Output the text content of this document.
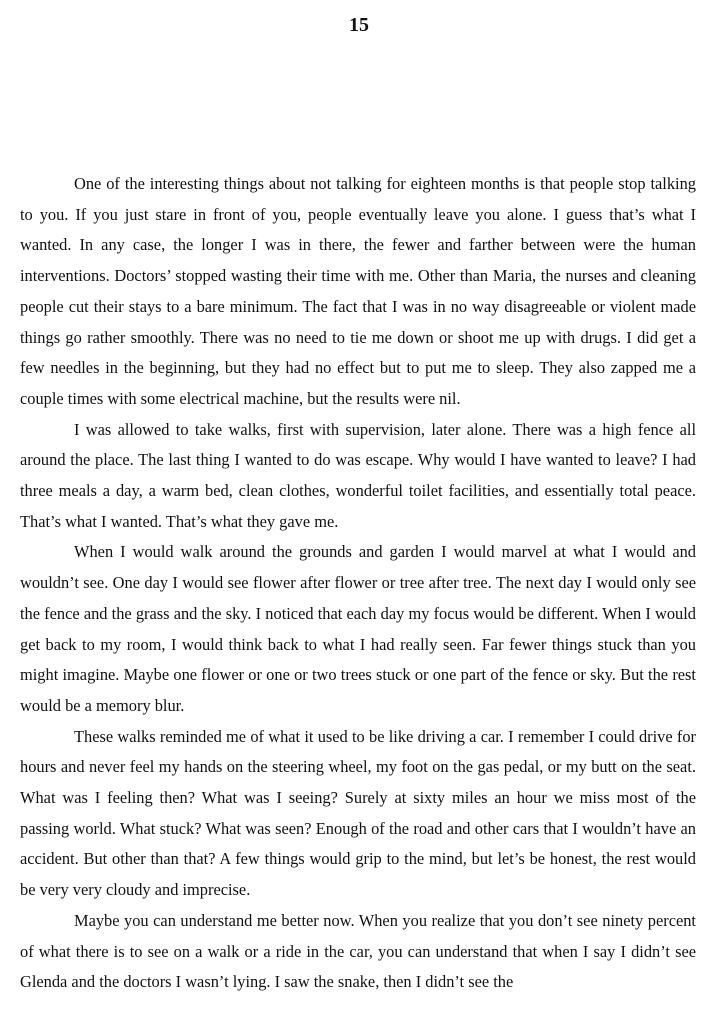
15

One of the interesting things about not talking for eighteen months is that people stop talking to you. If you just stare in front of you, people eventually leave you alone. I guess that’s what I wanted. In any case, the longer I was in there, the fewer and farther between were the human interventions. Doctors’ stopped wasting their time with me. Other than Maria, the nurses and cleaning people cut their stays to a bare minimum. The fact that I was in no way disagreeable or violent made things go rather smoothly. There was no need to tie me down or shoot me up with drugs. I did get a few needles in the beginning, but they had no effect but to put me to sleep. They also zapped me a couple times with some electrical machine, but the results were nil.

I was allowed to take walks, first with supervision, later alone. There was a high fence all around the place. The last thing I wanted to do was escape. Why would I have wanted to leave? I had three meals a day, a warm bed, clean clothes, wonderful toilet facilities, and essentially total peace. That’s what I wanted. That’s what they gave me.

When I would walk around the grounds and garden I would marvel at what I would and wouldn’t see. One day I would see flower after flower or tree after tree. The next day I would only see the fence and the grass and the sky. I noticed that each day my focus would be different. When I would get back to my room, I would think back to what I had really seen. Far fewer things stuck than you might imagine. Maybe one flower or one or two trees stuck or one part of the fence or sky. But the rest would be a memory blur.

These walks reminded me of what it used to be like driving a car. I remember I could drive for hours and never feel my hands on the steering wheel, my foot on the gas pedal, or my butt on the seat. What was I feeling then? What was I seeing? Surely at sixty miles an hour we miss most of the passing world. What stuck? What was seen? Enough of the road and other cars that I wouldn’t have an accident. But other than that? A few things would grip to the mind, but let’s be honest, the rest would be very very cloudy and imprecise.

Maybe you can understand me better now. When you realize that you don’t see ninety percent of what there is to see on a walk or a ride in the car, you can understand that when I say I didn’t see Glenda and the doctors I wasn’t lying. I saw the snake, then I didn’t see the
